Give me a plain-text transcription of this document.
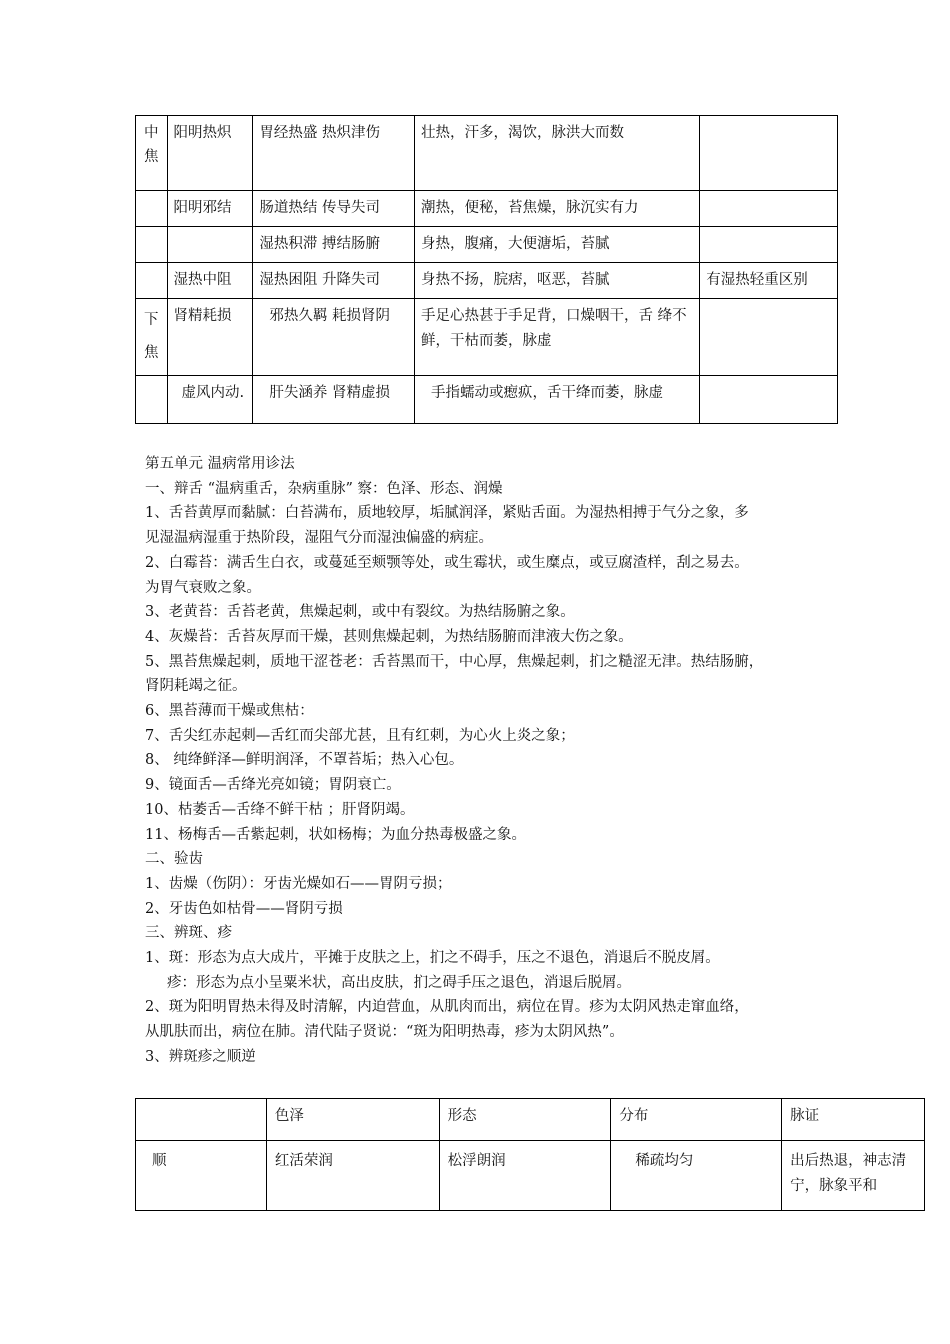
中焦	阳明热炽	胃经热盛 热炽津伤	壮热，汗多，渴饮，脉洪大而数	
	阳明邪结	肠道热结 传导失司	潮热，便秘，苔焦燥，脉沉实有力	
		湿热积滞 搏结肠腑	身热，腹痛，大便溏垢，苔腻	
	湿热中阻	湿热困阻 升降失司	身热不扬，脘痞，呕恶，苔腻	有湿热轻重区别
下焦	肾精耗损	邪热久羁 耗损肾阴	手足心热甚于手足背，口燥咽干，舌 绛不鲜，干枯而萎，脉虚	
	虚风内动.	肝失涵养 肾精虚损	手指蠕动或瘛疭，舌干绛而萎，脉虚	
第五单元 温病常用诊法
一、辩舌 “温病重舌，杂病重脉” 察：色泽、形态、润燥
1、舌苔黄厚而黏腻：白苔满布，质地较厚，垢腻润泽，紧贴舌面。为湿热相搏于气分之象，多
见湿温病湿重于热阶段，湿阻气分而湿浊偏盛的病症。
2、白霉苔：满舌生白衣，或蔓延至颊颚等处，或生霉状，或生糜点，或豆腐渣样，刮之易去。
为胃气衰败之象。
3、老黄苔：舌苔老黄，焦燥起刺，或中有裂纹。为热结肠腑之象。
4、灰燥苔：舌苔灰厚而干燥，甚则焦燥起刺，为热结肠腑而津液大伤之象。
5、黑苔焦燥起刺，质地干涩苍老：舌苔黑而干，中心厚，焦燥起刺，扪之糙涩无津。热结肠腑，
肾阴耗竭之征。
6、黑苔薄而干燥或焦枯：
7、舌尖红赤起刺—舌红而尖部尤甚，且有红刺，为心火上炎之象；
8、 纯绛鲜泽—鲜明润泽，不罩苔垢；热入心包。
9、镜面舌—舌绛光亮如镜；胃阴衰亡。
10、枯萎舌—舌绛不鲜干枯 ；肝肾阴竭。
11、杨梅舌—舌紫起刺，状如杨梅；为血分热毒极盛之象。
二、验齿
1、齿燥（伤阴）：牙齿光燥如石——胃阴亏损；
2、牙齿色如枯骨——肾阴亏损
三、辨斑、疹
1、斑：形态为点大成片，平摊于皮肤之上，扪之不碍手，压之不退色，消退后不脱皮屑。
疹：形态为点小呈粟米状，高出皮肤，扪之碍手压之退色，消退后脱屑。
2、斑为阳明胃热未得及时清解，内迫营血，从肌肉而出，病位在胃。疹为太阴风热走窜血络，
从肌肤而出，病位在肺。清代陆子贤说：“斑为阳明热毒，疹为太阴风热”。
3、辨斑疹之顺逆
	色泽	形态	分布	脉证
顺	红活荣润	松浮朗润	稀疏均匀	出后热退，神志清宁，脉象平和
